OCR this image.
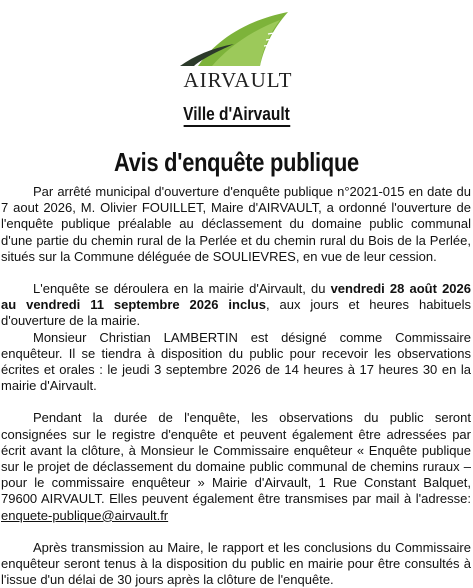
AIRVAULT
Ville d'Airvault
Avis d'enquête publique

Par arrêté municipal d'ouverture d'enquête publique n°2021-015 en date du 7 aout 2026, M. Olivier FOUILLET, Maire d'AIRVAULT, a ordonné l'ouverture de l'enquête publique préalable au déclassement du domaine public communal d'une partie du chemin rural de la Perlée et du chemin rural du Bois de la Perlée, situés sur la Commune déléguée de SOULIEVRES, en vue de leur cession.

L'enquête se déroulera en la mairie d'Airvault, du vendredi 28 août 2026 au vendredi 11 septembre 2026 inclus, aux jours et heures habituels d'ouverture de la mairie.

Monsieur Christian LAMBERTIN est désigné comme Commissaire enquêteur. Il se tiendra à disposition du public pour recevoir les observations écrites et orales : le jeudi 3 septembre 2026 de 14 heures à 17 heures 30 en la mairie d'Airvault.

Pendant la durée de l'enquête, les observations du public seront consignées sur le registre d'enquête et peuvent également être adressées par écrit avant la clôture, à Monsieur le Commissaire enquêteur « Enquête publique sur le projet de déclassement du domaine public communal de chemins ruraux – pour le commissaire enquêteur » Mairie d'Airvault, 1 Rue Constant Balquet, 79600 AIRVAULT. Elles peuvent également être transmises par mail à l'adresse: enquete-publique@airvault.fr

Après transmission au Maire, le rapport et les conclusions du Commissaire enquêteur seront tenus à la disposition du public en mairie pour être consultés à l'issue d'un délai de 30 jours après la clôture de l'enquête.
